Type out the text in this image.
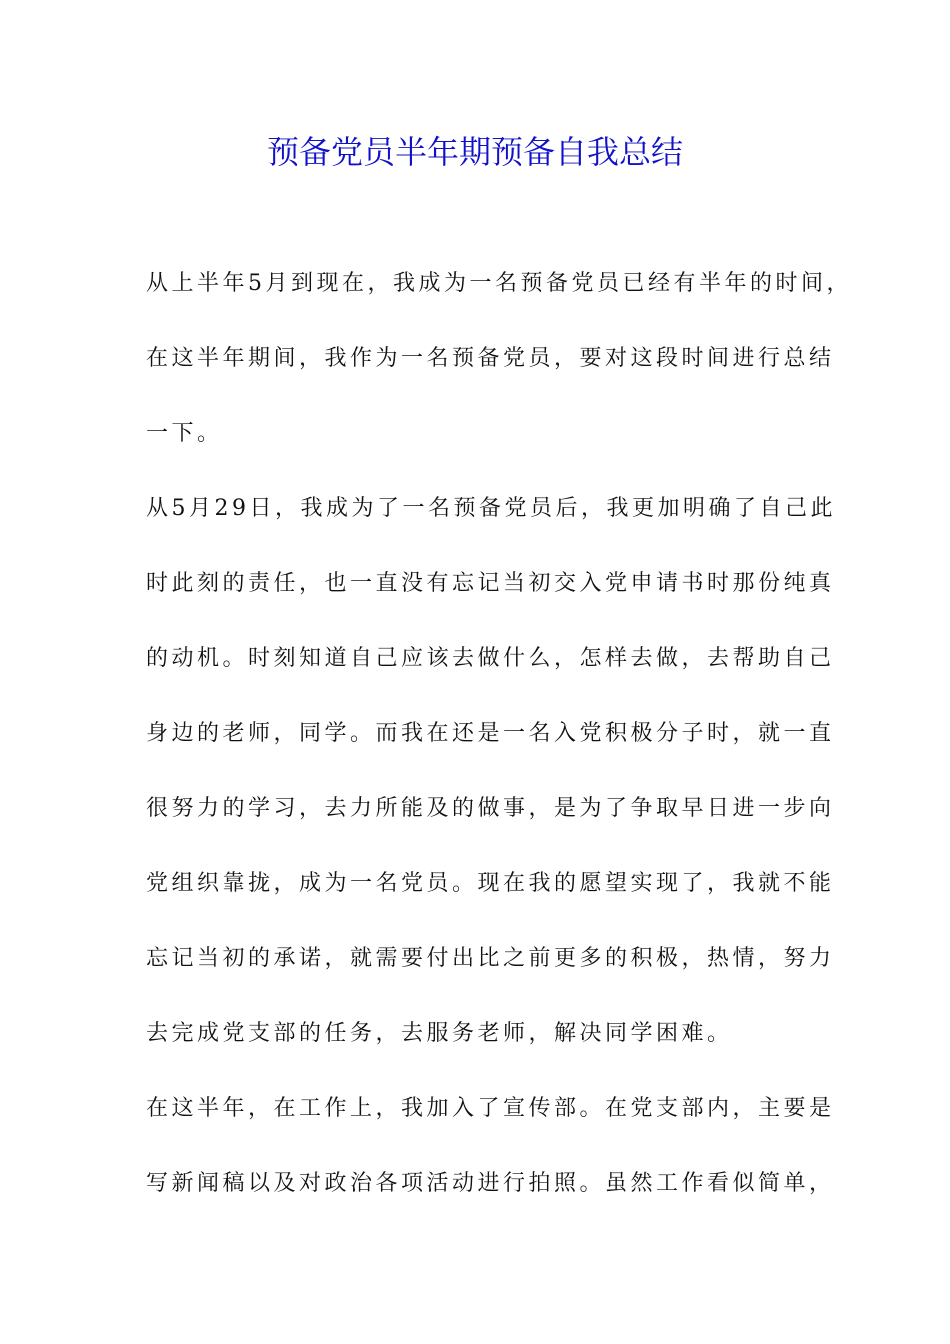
预备党员半年期预备自我总结
从上半年5月到现在，我成为一名预备党员已经有半年的时间，
在这半年期间，我作为一名预备党员，要对这段时间进行总结
一下。
从5月29日，我成为了一名预备党员后，我更加明确了自己此
时此刻的责任，也一直没有忘记当初交入党申请书时那份纯真
的动机。时刻知道自己应该去做什么，怎样去做，去帮助自己
身边的老师，同学。而我在还是一名入党积极分子时，就一直
很努力的学习，去力所能及的做事，是为了争取早日进一步向
党组织靠拢，成为一名党员。现在我的愿望实现了，我就不能
忘记当初的承诺，就需要付出比之前更多的积极，热情，努力
去完成党支部的任务，去服务老师，解决同学困难。
在这半年，在工作上，我加入了宣传部。在党支部内，主要是
写新闻稿以及对政治各项活动进行拍照。虽然工作看似简单，
